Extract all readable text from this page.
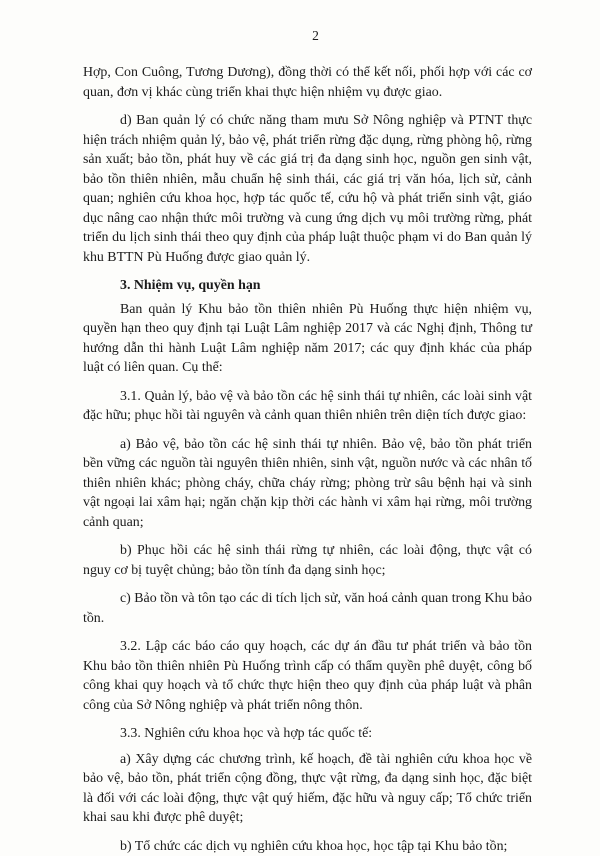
2

Hợp, Con Cuông, Tương Dương), đồng thời có thể kết nối, phối hợp với các cơ quan, đơn vị khác cùng triển khai thực hiện nhiệm vụ được giao.

d) Ban quản lý có chức năng tham mưu Sở Nông nghiệp và PTNT thực hiện trách nhiệm quản lý, bảo vệ, phát triển rừng đặc dụng, rừng phòng hộ, rừng sản xuất; bảo tồn, phát huy về các giá trị đa dạng sinh học, nguồn gen sinh vật, bảo tồn thiên nhiên, mẫu chuẩn hệ sinh thái, các giá trị văn hóa, lịch sử, cảnh quan; nghiên cứu khoa học, hợp tác quốc tế, cứu hộ và phát triển sinh vật, giáo dục nâng cao nhận thức môi trường và cung ứng dịch vụ môi trường rừng, phát triển du lịch sinh thái theo quy định của pháp luật thuộc phạm vi do Ban quản lý khu BTTN Pù Huống được giao quản lý.

3. Nhiệm vụ, quyền hạn

Ban quản lý Khu bảo tồn thiên nhiên Pù Huống thực hiện nhiệm vụ, quyền hạn theo quy định tại Luật Lâm nghiệp 2017 và các Nghị định, Thông tư hướng dẫn thi hành Luật Lâm nghiệp năm 2017; các quy định khác của pháp luật có liên quan. Cụ thể:

3.1. Quản lý, bảo vệ và bảo tồn các hệ sinh thái tự nhiên, các loài sinh vật đặc hữu; phục hồi tài nguyên và cảnh quan thiên nhiên trên diện tích được giao:

a) Bảo vệ, bảo tồn các hệ sinh thái tự nhiên. Bảo vệ, bảo tồn phát triển bền vững các nguồn tài nguyên thiên nhiên, sinh vật, nguồn nước và các nhân tố thiên nhiên khác; phòng cháy, chữa cháy rừng; phòng trừ sâu bệnh hại và sinh vật ngoại lai xâm hại; ngăn chặn kịp thời các hành vi xâm hại rừng, môi trường cảnh quan;

b) Phục hồi các hệ sinh thái rừng tự nhiên, các loài động, thực vật có nguy cơ bị tuyệt chủng; bảo tồn tính đa dạng sinh học;

c) Bảo tồn và tôn tạo các di tích lịch sử, văn hoá cảnh quan trong Khu bảo tồn.

3.2. Lập các báo cáo quy hoạch, các dự án đầu tư phát triển và bảo tồn Khu bảo tồn thiên nhiên Pù Huống trình cấp có thẩm quyền phê duyệt, công bố công khai quy hoạch và tổ chức thực hiện theo quy định của pháp luật và phân công của Sở Nông nghiệp và phát triển nông thôn.

3.3. Nghiên cứu khoa học và hợp tác quốc tế:

a) Xây dựng các chương trình, kế hoạch, đề tài nghiên cứu khoa học về bảo vệ, bảo tồn, phát triển cộng đồng, thực vật rừng, đa dạng sinh học, đặc biệt là đối với các loài động, thực vật quý hiếm, đặc hữu và nguy cấp; Tổ chức triển khai sau khi được phê duyệt;

b) Tổ chức các dịch vụ nghiên cứu khoa học, học tập tại Khu bảo tồn;
